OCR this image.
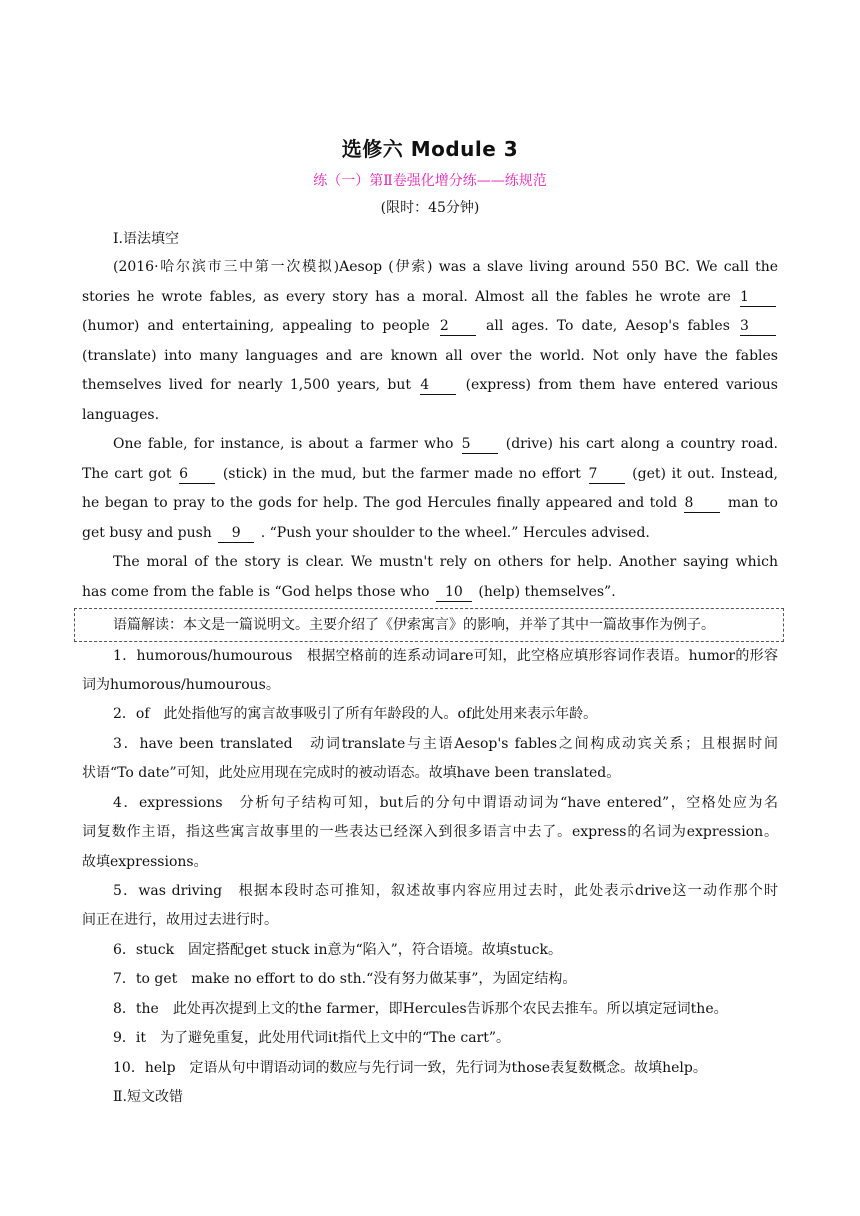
选修六 Module 3
练（一）第Ⅱ卷强化增分练——练规范
(限时：45分钟)
Ⅰ.语法填空
(2016·哈尔滨市三中第一次模拟)Aesop (伊索) was a slave living around 550 BC. We call the
stories he wrote fables, as every story has a moral. Almost all the fables he wrote are 1
(humor) and entertaining, appealing to people 2	all ages. To date, Aesop's fables 3
(translate) into many languages and are known all over the world. Not only have the fables
themselves lived for nearly 1,500 years, but 4	(express) from them have entered various
languages.
One fable, for instance, is about a farmer who 5	(drive) his cart along a country road.
The cart got 6 (stick) in the mud, but the farmer made no effort 7 (get) it out. Instead,
he began to pray to the gods for help. The god Hercules finally appeared and told 8 man to
get busy and push 9 . “Push your shoulder to the wheel.” Hercules advised.
The moral of the story is clear. We mustn't rely on others for help. Another saying which
has come from the fable is “God helps those who 10 (help) themselves”.
语篇解读：本文是一篇说明文。主要介绍了《伊索寓言》的影响，并举了其中一篇故事作为例子。
1．humorous/humourous　根据空格前的连系动词are可知，此空格应填形容词作表语。humor的形容
词为humorous/humourous。
2．of　此处指他写的寓言故事吸引了所有年龄段的人。of此处用来表示年龄。
3．have been translated　动词translate与主语Aesop's fables之间构成动宾关系；且根据时间
状语“To date”可知，此处应用现在完成时的被动语态。故填have been translated。
4．expressions　分析句子结构可知，but后的分句中谓语动词为“have entered”，空格处应为名
词复数作主语，指这些寓言故事里的一些表达已经深入到很多语言中去了。express的名词为expression。
故填expressions。
5．was driving　根据本段时态可推知，叙述故事内容应用过去时，此处表示drive这一动作那个时
间正在进行，故用过去进行时。
6．stuck　固定搭配get stuck in意为“陷入”，符合语境。故填stuck。
7．to get　make no effort to do sth.“没有努力做某事”，为固定结构。
8．the　此处再次提到上文的the farmer，即Hercules告诉那个农民去推车。所以填定冠词the。
9．it　为了避免重复，此处用代词it指代上文中的“The cart”。
10．help　定语从句中谓语动词的数应与先行词一致，先行词为those表复数概念。故填help。
Ⅱ.短文改错
